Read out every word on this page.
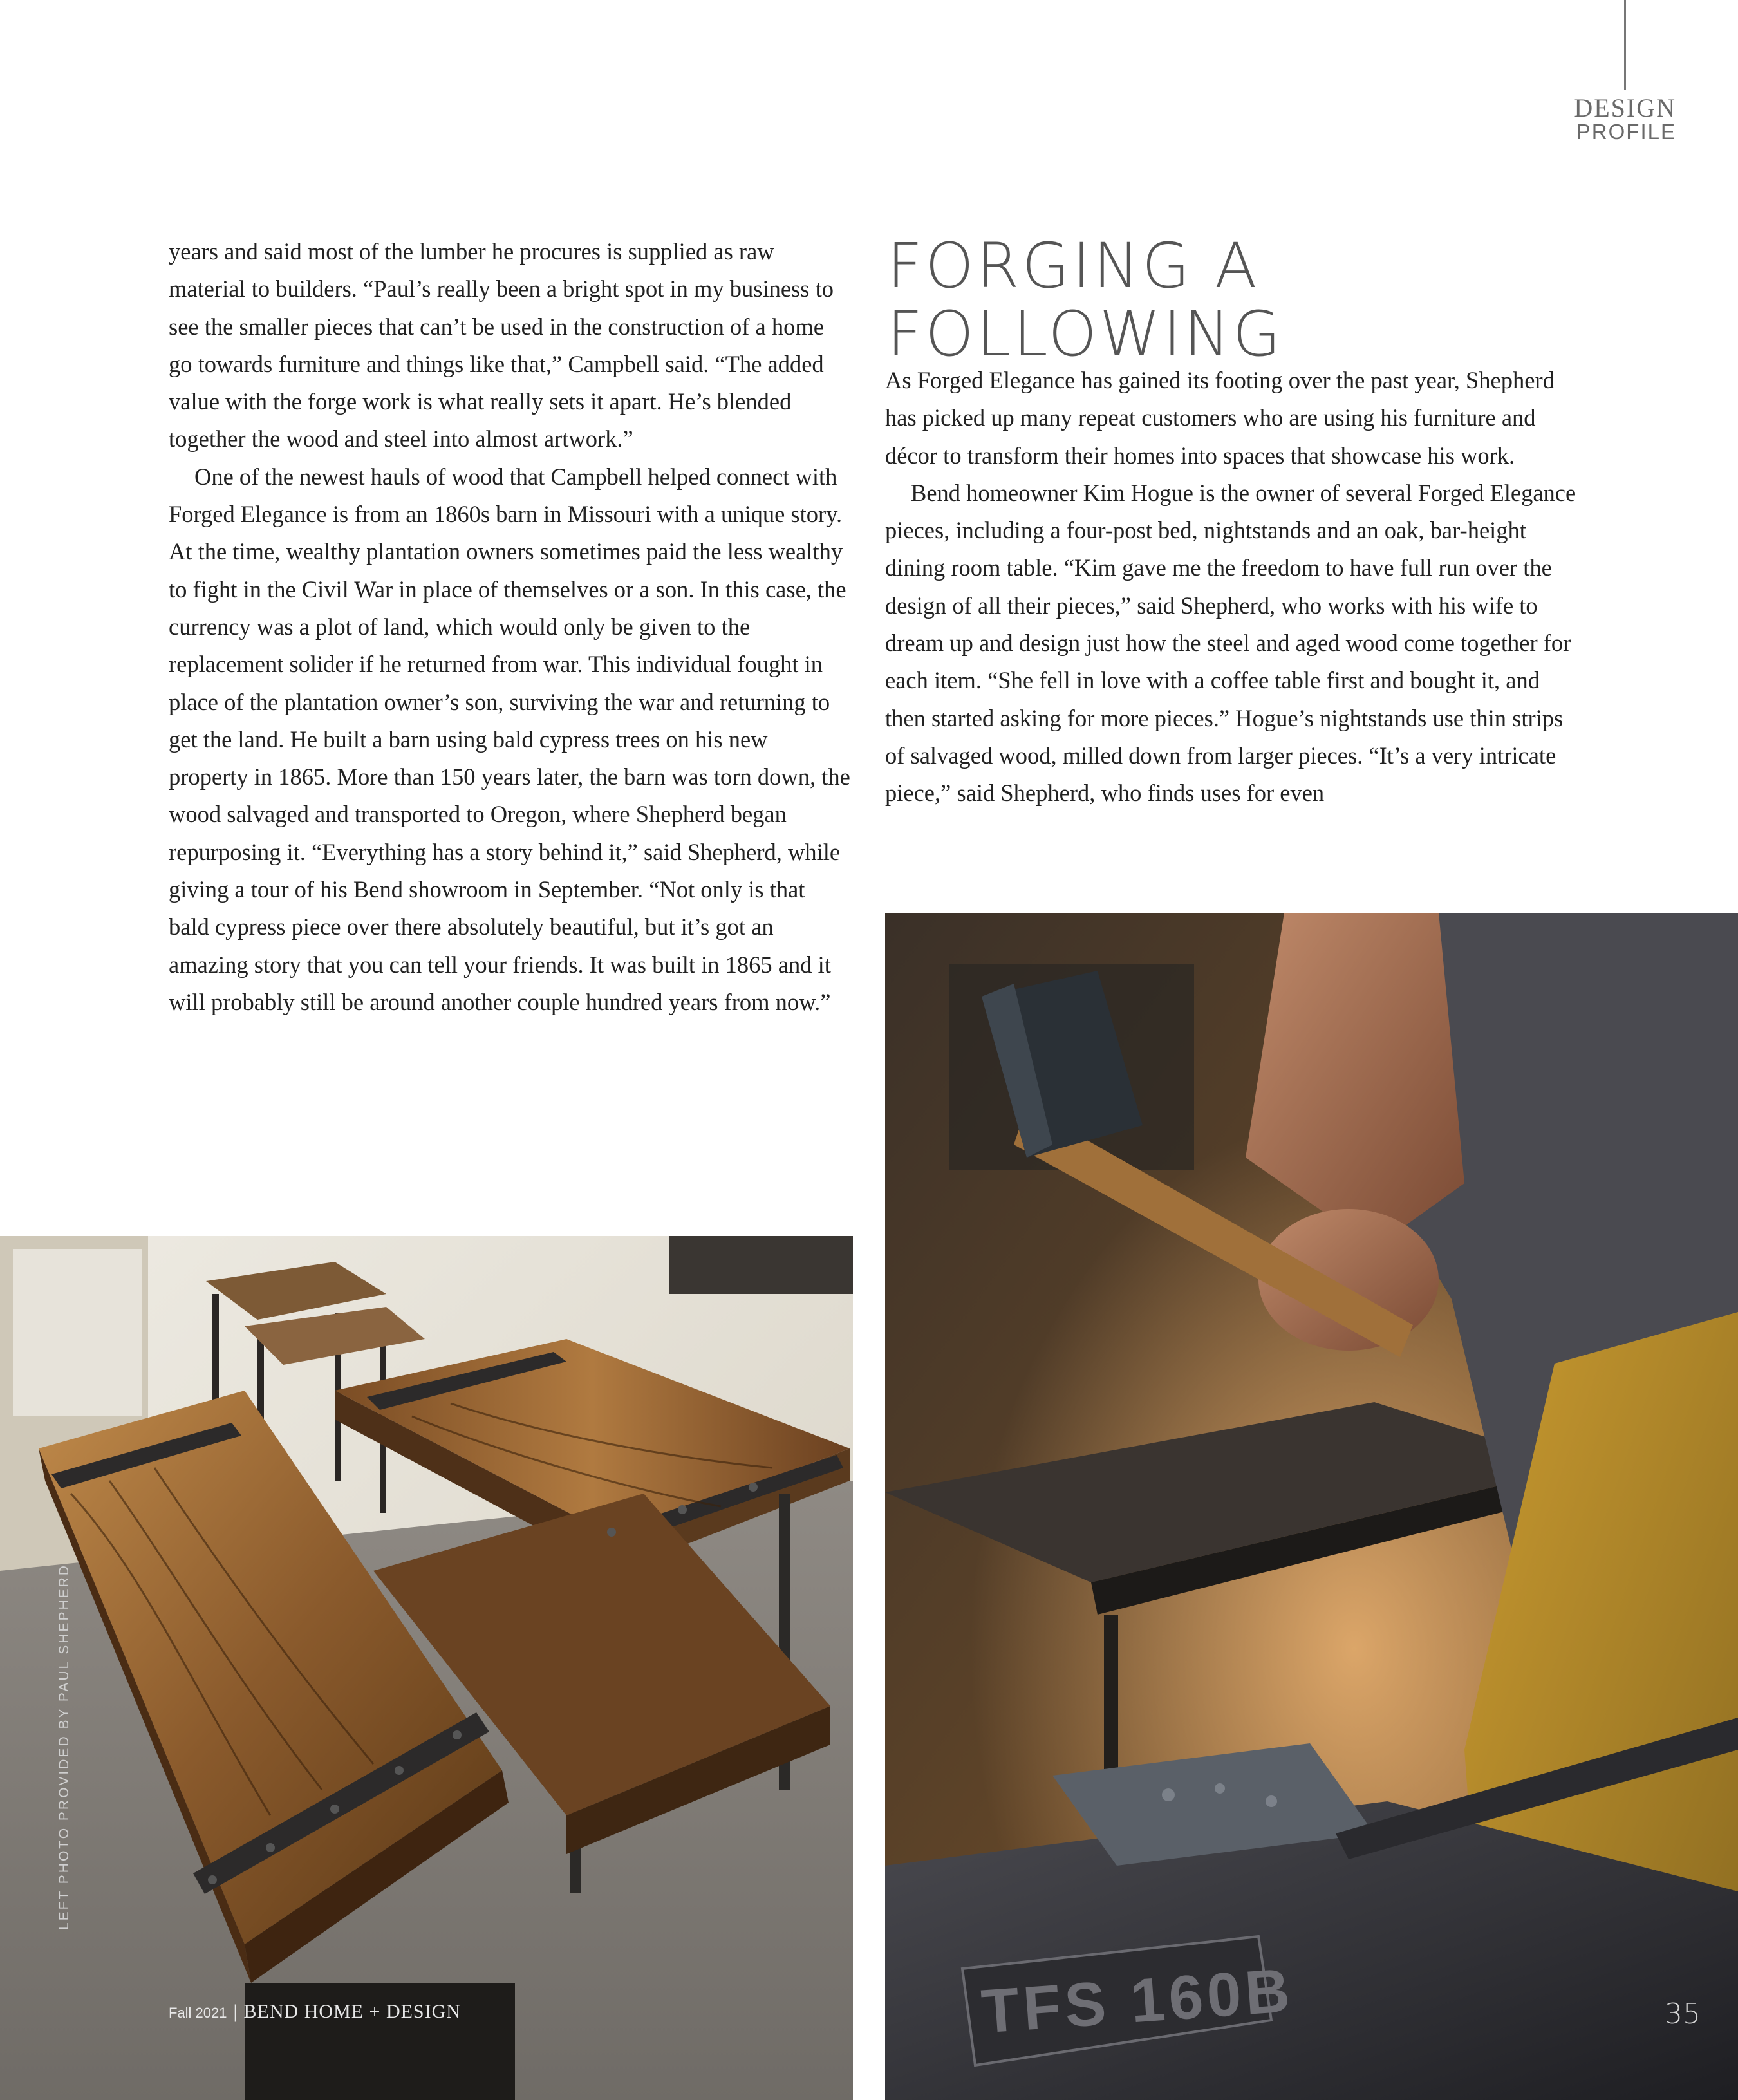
DESIGN
PROFILE

years and said most of the lumber he procures is supplied as raw material to builders. “Paul’s really been a bright spot in my business to see the smaller pieces that can’t be used in the construction of a home go towards furniture and things like that,” Campbell said. “The added value with the forge work is what really sets it apart. He’s blended together the wood and steel into almost artwork.”

One of the newest hauls of wood that Campbell helped connect with Forged Elegance is from an 1860s barn in Missouri with a unique story. At the time, wealthy plantation owners sometimes paid the less wealthy to fight in the Civil War in place of themselves or a son. In this case, the currency was a plot of land, which would only be given to the replacement solider if he returned from war. This individual fought in place of the plantation owner’s son, surviving the war and returning to get the land. He built a barn using bald cypress trees on his new property in 1865. More than 150 years later, the barn was torn down, the wood salvaged and transported to Oregon, where Shepherd began repurposing it. “Everything has a story behind it,” said Shepherd, while giving a tour of his Bend showroom in September. “Not only is that bald cypress piece over there absolutely beautiful, but it’s got an amazing story that you can tell your friends. It was built in 1865 and it will probably still be around another couple hundred years from now.”

FORGING A
FOLLOWING

As Forged Elegance has gained its footing over the past year, Shepherd has picked up many repeat customers who are using his furniture and décor to transform their homes into spaces that showcase his work.

Bend homeowner Kim Hogue is the owner of several Forged Elegance pieces, including a four-post bed, nightstands and an oak, bar-height dining room table. “Kim gave me the freedom to have full run over the design of all their pieces,” said Shepherd, who works with his wife to dream up and design just how the steel and aged wood come together for each item. “She fell in love with a coffee table first and bought it, and then started asking for more pieces.” Hogue’s nightstands use thin strips of salvaged wood, milled down from larger pieces. “It’s a very intricate piece,” said Shepherd, who finds uses for even

TFS 160B
LEFT PHOTO PROVIDED BY PAUL SHEPHERD
Fall 2021 | BEND HOME + DESIGN	35
